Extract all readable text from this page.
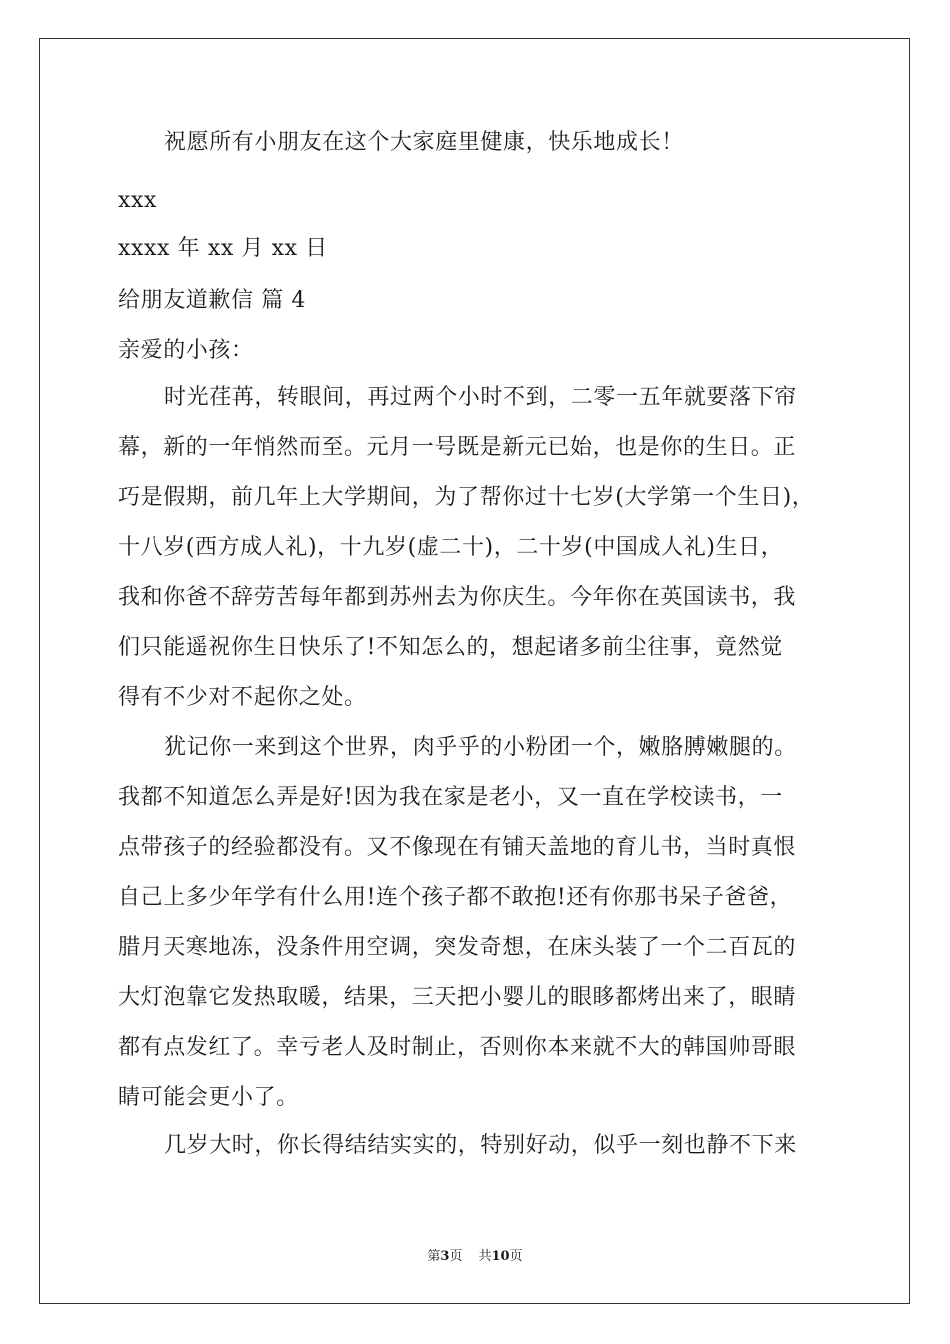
祝愿所有小朋友在这个大家庭里健康，快乐地成长！
xxx
xxxx 年 xx 月 xx 日
给朋友道歉信 篇 4
亲爱的小孩：
时光荏苒，转眼间，再过两个小时不到，二零一五年就要落下帘
幕，新的一年悄然而至。元月一号既是新元已始，也是你的生日。正
巧是假期，前几年上大学期间，为了帮你过十七岁(大学第一个生日)，
十八岁(西方成人礼)，十九岁(虚二十)，二十岁(中国成人礼)生日，
我和你爸不辞劳苦每年都到苏州去为你庆生。今年你在英国读书，我
们只能遥祝你生日快乐了!不知怎么的，想起诸多前尘往事，竟然觉
得有不少对不起你之处。
犹记你一来到这个世界，肉乎乎的小粉团一个，嫩胳膊嫩腿的。
我都不知道怎么弄是好!因为我在家是老小，又一直在学校读书，一
点带孩子的经验都没有。又不像现在有铺天盖地的育儿书，当时真恨
自己上多少年学有什么用!连个孩子都不敢抱!还有你那书呆子爸爸，
腊月天寒地冻，没条件用空调，突发奇想，在床头装了一个二百瓦的
大灯泡靠它发热取暖，结果，三天把小婴儿的眼眵都烤出来了，眼睛
都有点发红了。幸亏老人及时制止，否则你本来就不大的韩国帅哥眼
睛可能会更小了。
几岁大时，你长得结结实实的，特别好动，似乎一刻也静不下来
第3页 共10页
